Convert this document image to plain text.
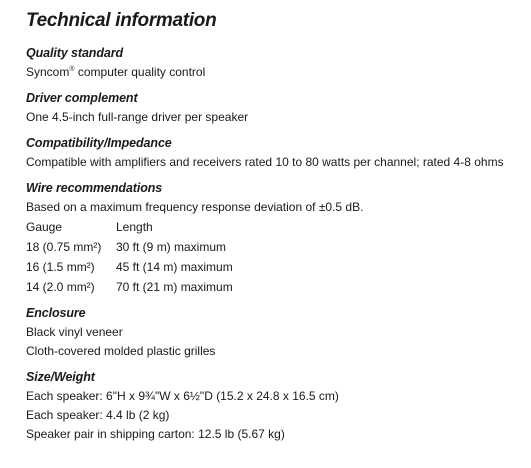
Technical information
Quality standard

Syncom® computer quality control

Driver complement

One 4.5-inch full-range driver per speaker

Compatibility/Impedance

Compatible with amplifiers and receivers rated 10 to 80 watts per channel; rated 4-8 ohms

Wire recommendations

Based on a maximum frequency response deviation of ±0.5 dB.

Gauge	Length
18 (0.75 mm²)	30 ft (9 m) maximum
16 (1.5 mm²)	45 ft (14 m) maximum
14 (2.0 mm²)	70 ft (21 m) maximum
Enclosure

Black vinyl veneer

Cloth-covered molded plastic grilles

Size/Weight

Each speaker: 6"H x 9¾"W x 6½"D (15.2 x 24.8 x 16.5 cm)

Each speaker: 4.4 lb (2 kg)

Speaker pair in shipping carton: 12.5 lb (5.67 kg)
